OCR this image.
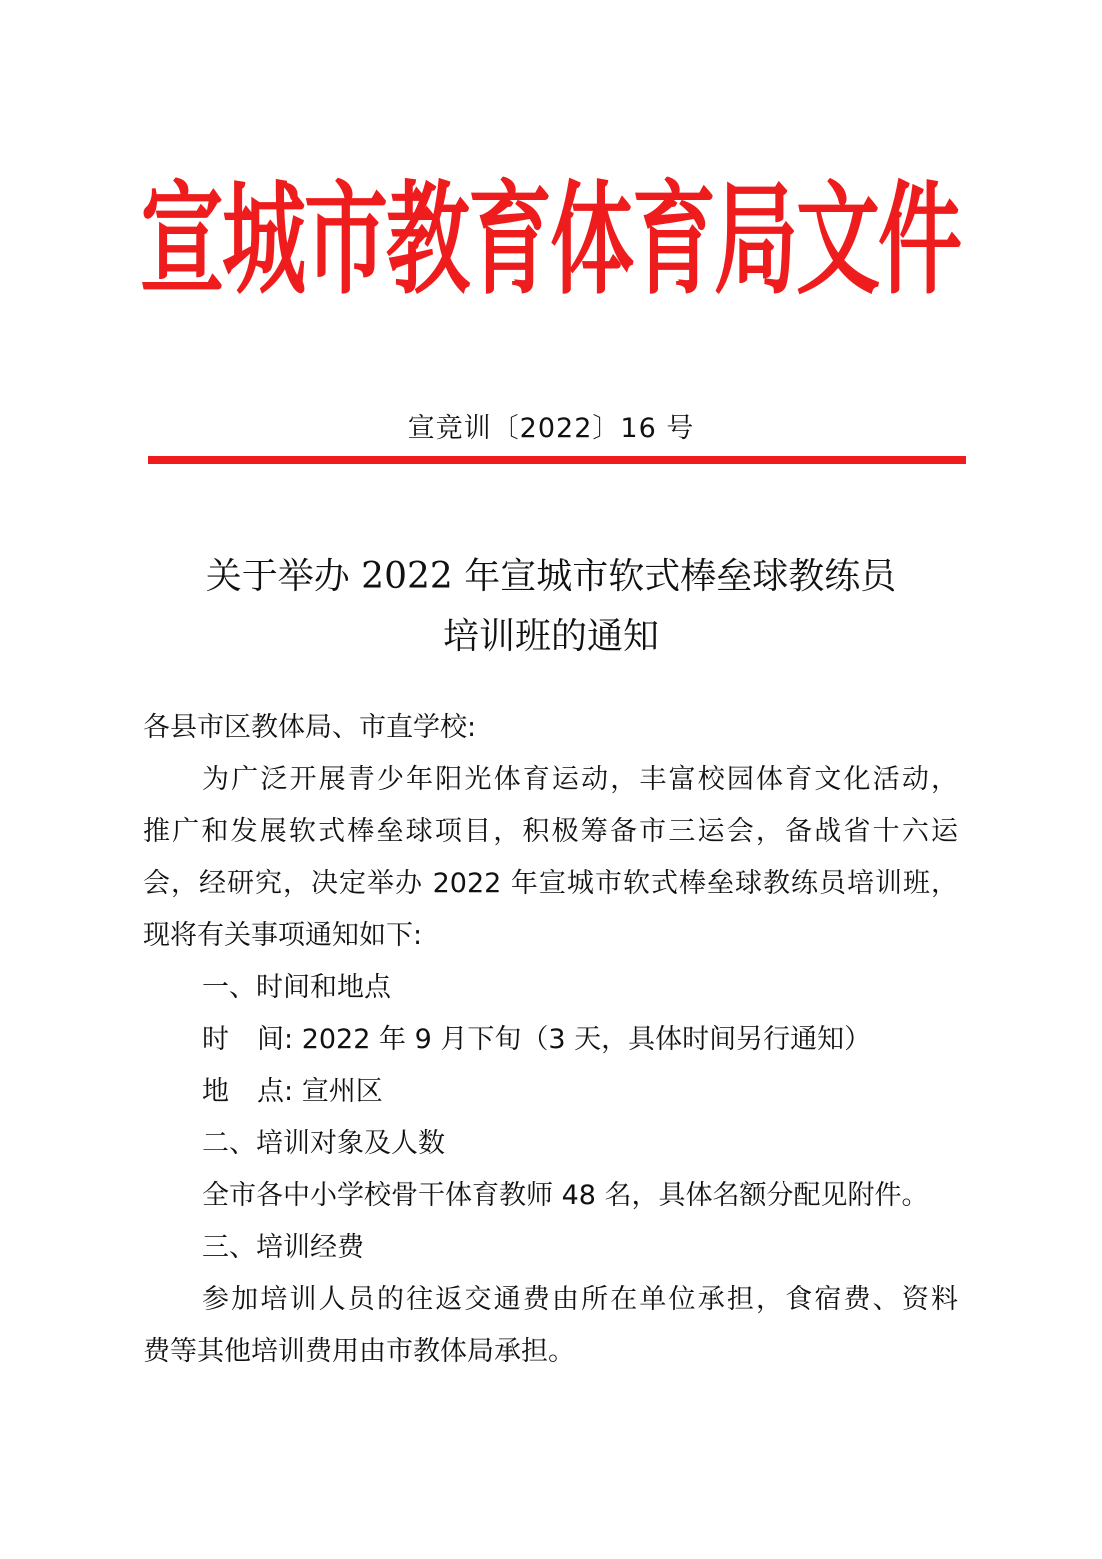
宣城市教育体育局文件
宣竞训〔2022〕16 号
关于举办 2022 年宣城市软式棒垒球教练员
培训班的通知
各县市区教体局、市直学校:
为广泛开展青少年阳光体育运动，丰富校园体育文化活动，
推广和发展软式棒垒球项目，积极筹备市三运会，备战省十六运
会，经研究，决定举办 2022 年宣城市软式棒垒球教练员培训班，
现将有关事项通知如下:
一、时间和地点
时 间: 2022 年 9 月下旬（3 天，具体时间另行通知）
地 点: 宣州区
二、培训对象及人数
全市各中小学校骨干体育教师 48 名，具体名额分配见附件。
三、培训经费
参加培训人员的往返交通费由所在单位承担，食宿费、资料
费等其他培训费用由市教体局承担。
